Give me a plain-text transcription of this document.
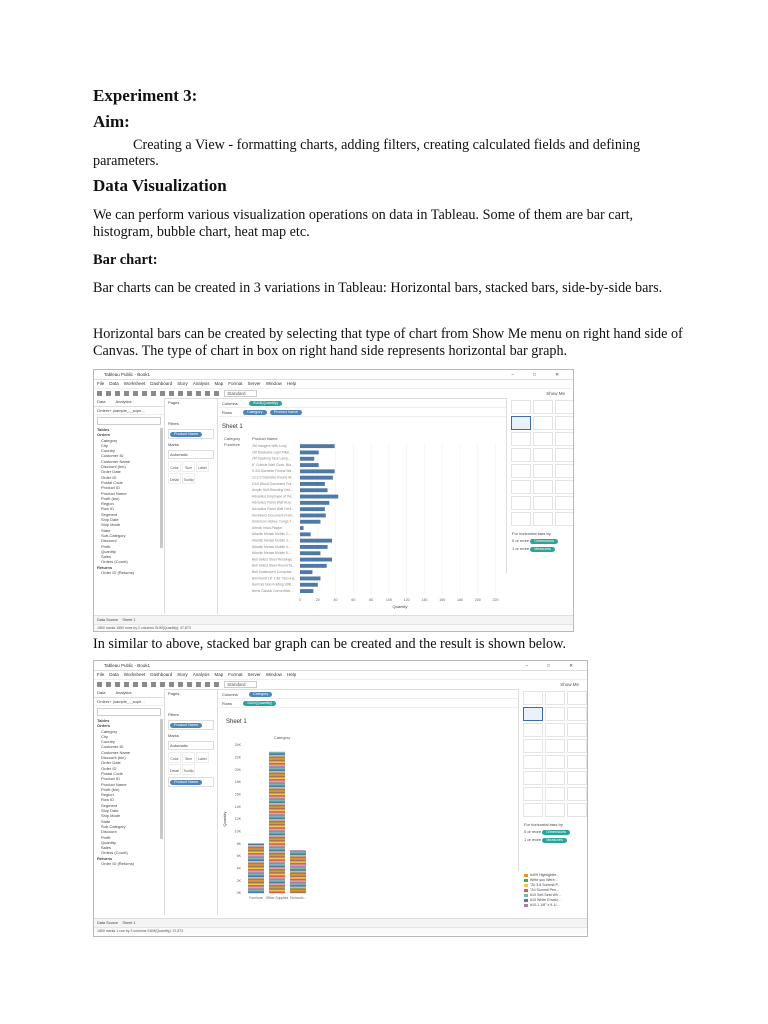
Experiment 3:
Aim:

Creating a View - formatting charts, adding filters, creating calculated fields and defining parameters.

Data Visualization

We can perform various visualization operations on data in Tableau. Some of them are bar cart, histogram, bubble chart, heat map etc.

Bar chart:

Bar charts can be created in 3 variations in Tableau: Horizontal bars, stacked bars, side-by-side bars.

Horizontal bars can be created by selecting that type of chart from Show Me menu on right hand side of Canvas. The type of chart in box on right hand side represents horizontal bar graph.

In similar to above, stacked bar graph can be created and the result is shown below.

Tableau Public - Book1	– □ ✕
File Data Worksheet Dashboard Story Analysis Map Format Server Window Help
Standard	Show Me
Data	Analytics
Orders+ (sample_-_supe...
Tables
Orders
Category
City
Country
Customer ID
Customer Name
Discount (bin)
Order Date
Order ID
Postal Code
Product ID
Product Name
Profit (bin)
Region
Row ID
Segment
Ship Date
Ship Mode
State
Sub-Category
Discount
Profit
Quantity
Sales
Orders (Count)
Returns
Order ID (Returns)
Pages
Filters
Product Name
Marks
Automatic
Color	Size	Label
Detail	Tooltip
Columns	SUM(Quantity)
Rows	Category	Product Name
Sheet 1
Category	Product Name
Furniture
0	20	40	60	80	100	120	140	160	180	200	220
2M Hangers With Loop
2M Stackable Light Pillar...
2M Stacking Tack Lamp...
6" Cubicle Wall Clock, Bla...
9-3/4 Diameter Round Wa...
12-1/2 Diameter Round W...
DAX Wood Document Fra...
Acrylic Self-Standing Des...
Advantus Employee of the...
Advantus Panel Wall Acry...
Advantus Panel Wall Certi...
Aluminum Document Fram...
Anderson Hickey Conga T...
Artistic Insta-Plaque
Atlantic Metals Mobile 2-...
Atlantic Metals Mobile 3-...
Atlantic Metals Mobile 4-...
Atlantic Metals Mobile 5-...
Bell Select Steel Rectangu...
Bell Select Steel Round Ta...
Bell Sunlamped Computer...
Bernhardt 18" x 88" Non-Fla...
Barricks Non-Folding Utilit...
Bevis Classic Convertible...
Quantity
For horizontal bars try
0 or more Dimensions
1 or more Measures
Data Source Sheet 1
1850 marks 1850 rows by 2 columns SUM(Quantity): 37,873
Tableau Public - Book1	– □ ✕
File Data Worksheet Dashboard Story Analysis Map Format Server Window Help
Standard	Show Me
Data	Analytics
Orders+ (sample_-_supe...
Tables
Orders
Category
City
Country
Customer ID
Customer Name
Discount (bin)
Order Date
Order ID
Postal Code
Product ID
Product Name
Profit (bin)
Region
Row ID
Segment
Ship Date
Ship Mode
State
Sub-Category
Discount
Profit
Quantity
Sales
Orders (Count)
Returns
Order ID (Returns)
Pages
Filters
Product Name
Marks
Automatic
Color	Size	Label
Detail	Tooltip
Product Name
Columns	Category
Rows	SUM(Quantity)
Sheet 1
Category
0K
2K
4K
6K
8K
10K
12K
14K
16K
18K
20K
22K
24K
Furniture Office Supplies Technolo...
Quantity	For horizontal bars try
0 or more Dimensions
1 or more Measures
#409 Highlighter...
Write you Were...
"Zk 3.8 Summit P...
"Zd Summit Pen...
#10 Self-Seal Wh...
#10 White Envelo...
#10-1 1/8" x 9-1/...
Data Source Sheet 1
1850 marks 1 row by 3 columns SUM(Quantity): 37,873
